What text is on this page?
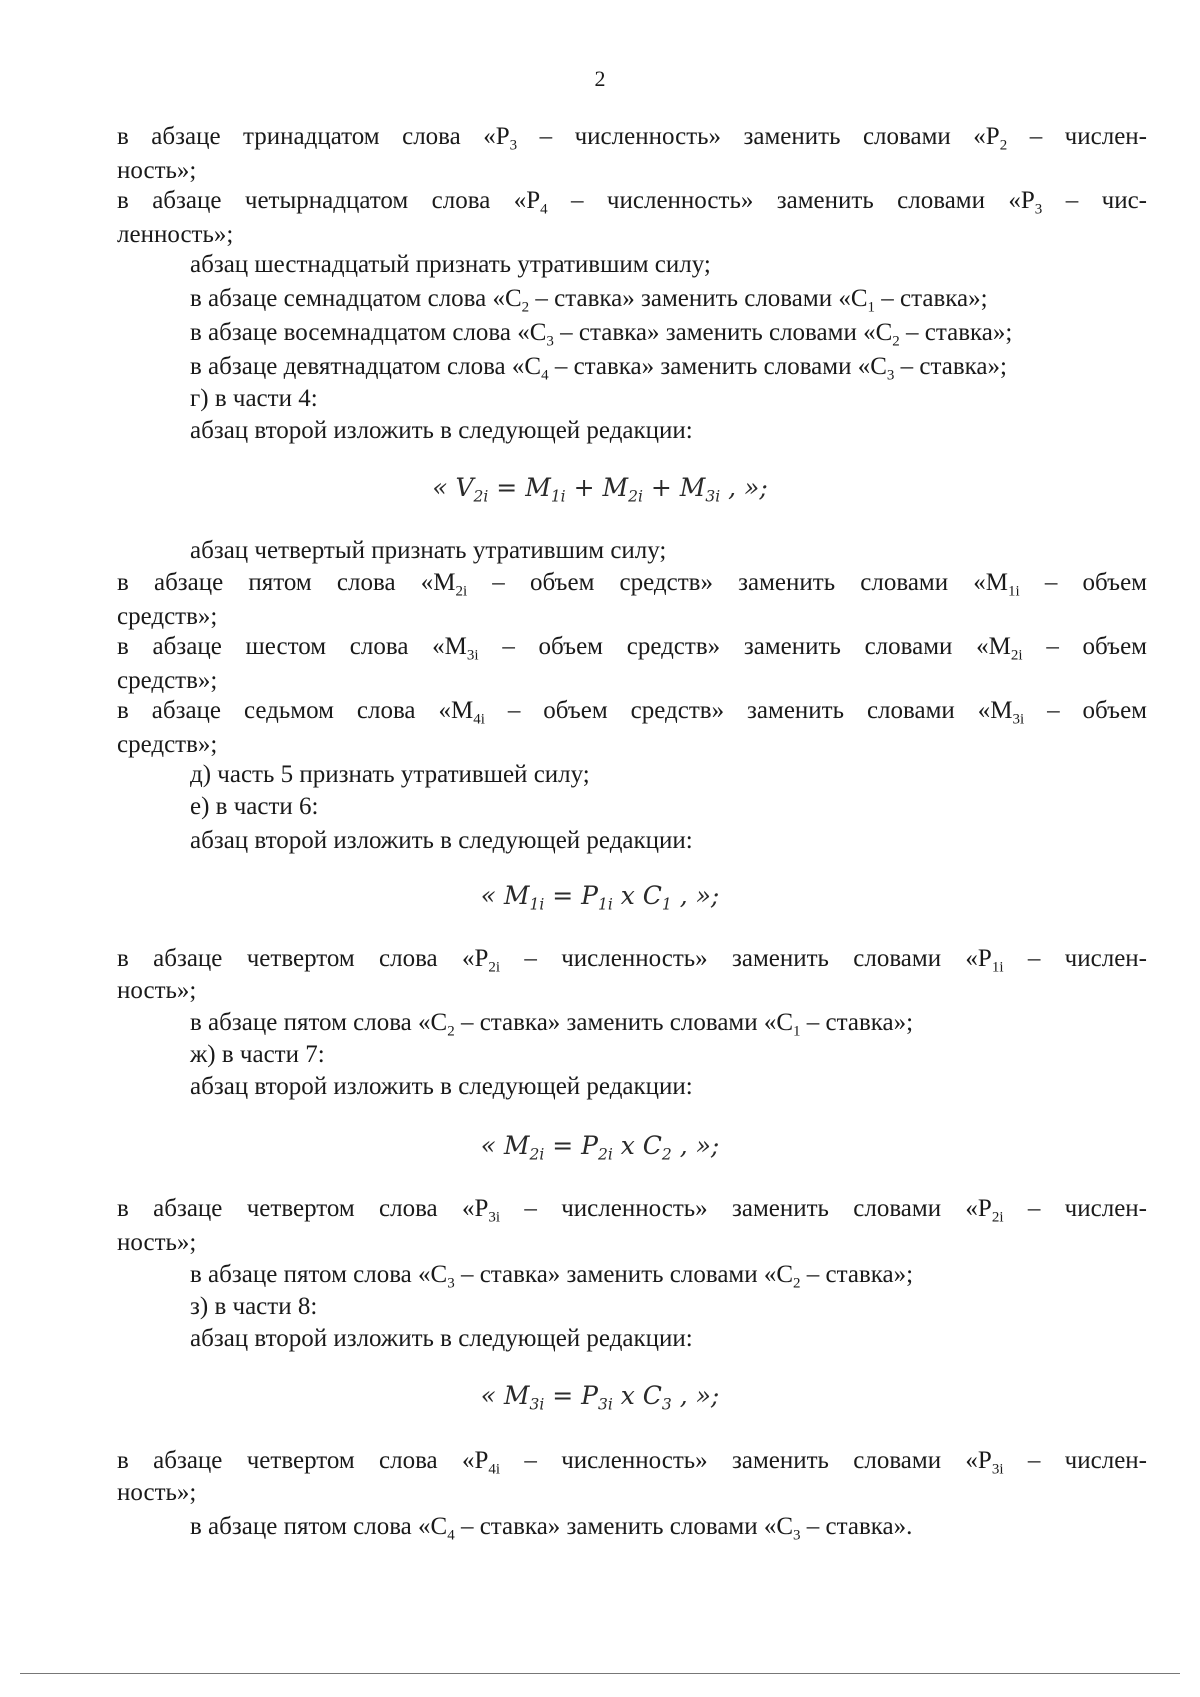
2
в абзаце тринадцатом слова «$Р_3$ – численность» заменить словами «$Р_2$ – числен-
ность»;
в абзаце четырнадцатом слова «$Р_4$ – численность» заменить словами «$Р_3 - чис-$
ленность»;
абзац шестнадцатый признать утратившим силу;
в абзаце семнадцатом слова «$С_2$ – ставка» заменить словами «$С_1$ – ставка»;
в абзаце восемнадцатом слова «$С_3$ – ставка» заменить словами «$С_2$ – ставка»;
в абзаце девятнадцатом слова «$С_4$ – ставка» заменить словами «$С_3$ – ставка»;
г) в части 4:
абзац второй изложить в следующей редакции:
« $V_{2i} = M_{1i} + M_{2i} + M_{3i}$ , »;
абзац четвертый признать утратившим силу;
в абзаце пятом слова «$М_{2i}$ – объем средств» заменить словами «$М_{1i}$ – объем
средств»;
в абзаце шестом слова «$М_{3i}$ – объем средств» заменить словами «$М_{2i}$ – объем
средств»;
в абзаце седьмом слова «$М_{4i}$ – объем средств» заменить словами «$М_{3i}$ – объем
средств»;
д) часть 5 признать утратившей силу;
е) в части 6:
абзац второй изложить в следующей редакции:
« $M_{1i} = P_{1i}$ x $C_1$ , »;
в абзаце четвертом слова «$Р_{2i}$ – численность» заменить словами «$Р_{1i}$ – числен-
ность»;
в абзаце пятом слова «$С_2$ – ставка» заменить словами «$С_1$ – ставка»;
ж) в части 7:
абзац второй изложить в следующей редакции:
« $M_{2i} = P_{2i}$ x $C_2$ , »;
в абзаце четвертом слова «$Р_{3i}$ – численность» заменить словами «$Р_{2i}$ – числен-
ность»;
в абзаце пятом слова «$С_3$ – ставка» заменить словами «$С_2$ – ставка»;
з) в части 8:
абзац второй изложить в следующей редакции:
« $M_{3i} = P_{3i}$ x $C_3$ , »;
в абзаце четвертом слова «$Р_{4i}$ – численность» заменить словами «$Р_{3i}$ – числен-
ность»;
в абзаце пятом слова «$С_4$ – ставка» заменить словами «$С_3$ – ставка».
